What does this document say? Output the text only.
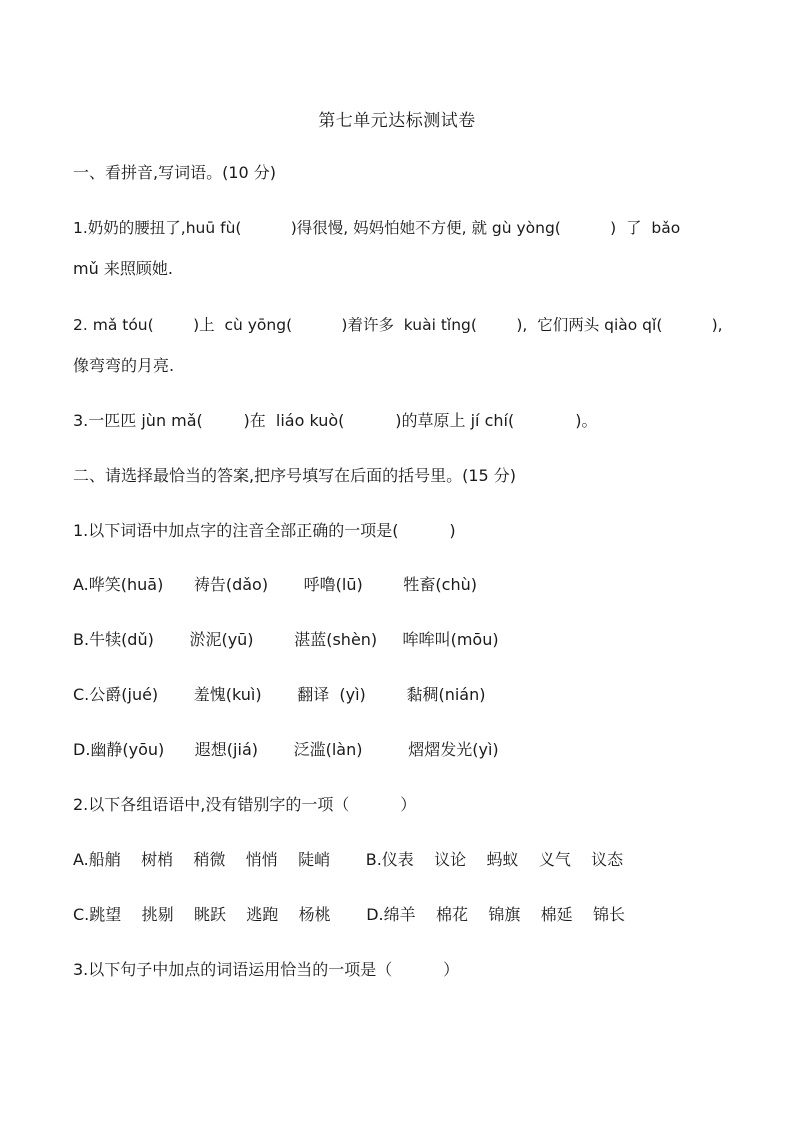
第七单元达标测试卷
一、看拼音,写词语。(10 分)
1.奶奶的腰扭了,huū fù(          )得很慢, 妈妈怕她不方便, 就 gù yòng(          )  了  bǎo
mǔ 来照顾她.
2. mǎ tóu(        )上  cù yōng(          )着许多  kuài tǐng(        ),  它们两头 qiào qǐ(          ),
像弯弯的月亮.
3.一匹匹 jùn mǎ(        )在  liáo kuò(          )的草原上 jí chí(            )。
二、请选择最恰当的答案,把序号填写在后面的括号里。(15 分)
1.以下词语中加点字的注音全部正确的一项是(          )
A.哗笑(huā)      祷告(dǎo)       呼噜(lū)        牲畜(chù)
B.牛犊(dǔ)       淤泥(yū)        湛蓝(shèn)     哞哞叫(mōu)
C.公爵(jué)       羞愧(kuì)       翻译  (yì)        黏稠(nián)
D.幽静(yōu)      遐想(jiá)       泛滥(làn)         熠熠发光(yì)
2.以下各组语语中,没有错别字的一项（          ）
A.船艄    树梢    稍微    悄悄    陡峭       B.仪表    议论    蚂蚁    义气    议态
C.跳望    挑剔    眺跃    逃跑    杨桃       D.绵羊    棉花    锦旗    棉延    锦长
3.以下句子中加点的词语运用恰当的一项是（          ）
